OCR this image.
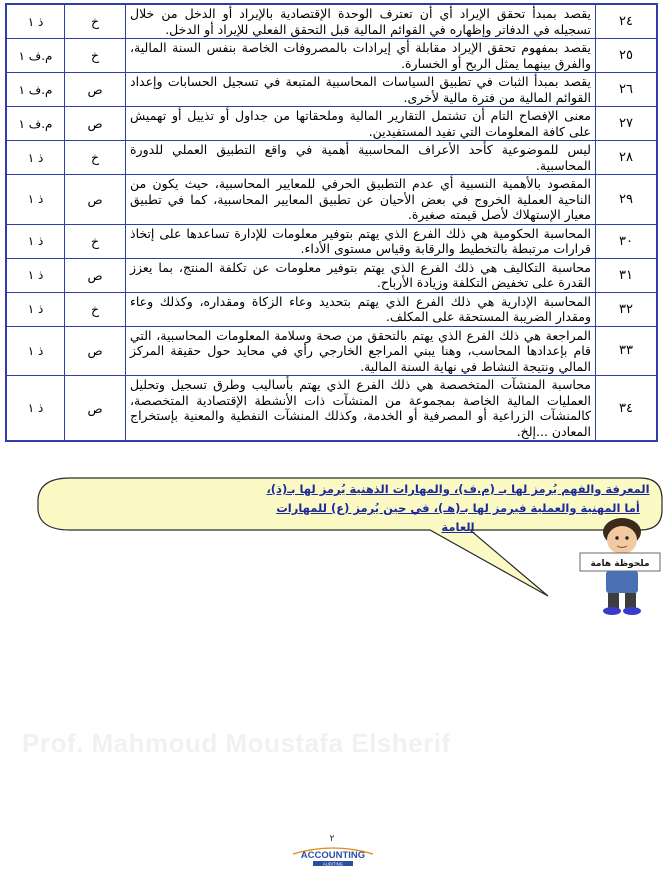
٢٤	يقصد بمبدأ تحقق الإيراد أي أن تعترف الوحدة الإقتصادية بالإيراد أو الدخل من خلال تسجيله في الدفاتر وإظهاره في القوائم المالية قبل التحقق الفعلي للإيراد أو الدخل.	خ	ذ ١
٢٥	يقصد بمفهوم تحقق الإيراد مقابلة أي إيرادات بالمصروفات الخاصة بنفس السنة المالية، والفرق بينهما يمثل الربح أو الخسارة.	خ	م.ف ١
٢٦	يقصد بمبدأ الثبات في تطبيق السياسات المحاسبية المتبعة في تسجيل الحسابات وإعداد القوائم المالية من فترة مالية لأخرى.	ص	م.ف ١
٢٧	معنى الإفصاح التام أن تشتمل التقارير المالية وملحقاتها من جداول أو تذييل أو تهميش على كافة المعلومات التي تفيد المستفيدين.	ص	م.ف ١
٢٨	ليس للموضوعية كأحد الأعراف المحاسبية أهمية في واقع التطبيق العملي للدورة المحاسبية.	خ	ذ ١
٢٩	المقصود بالأهمية النسبية أي عدم التطبيق الحرفي للمعايير المحاسبية، حيث يكون من الناحية العملية الخروج في بعض الأحيان عن تطبيق المعايير المحاسبية، كما في تطبيق معيار الإستهلاك لأصل قيمته صغيرة.	ص	ذ ١
٣٠	المحاسبة الحكومية هي ذلك الفرع الذي يهتم بتوفير معلومات للإدارة تساعدها على إتخاذ قرارات مرتبطة بالتخطيط والرقابة وقياس مستوى الأداء.	خ	ذ ١
٣١	محاسبة التكاليف هي ذلك الفرع الذي يهتم بتوفير معلومات عن تكلفة المنتج، بما يعزز القدرة على تخفيض التكلفة وزيادة الأرباح.	ص	ذ ١
٣٢	المحاسبة الإدارية هي ذلك الفرع الذي يهتم بتحديد وعاء الزكاة ومقداره، وكذلك وعاء ومقدار الضريبة المستحقة على المكلف.	خ	ذ ١
٣٣	المراجعة هي ذلك الفرع الذي يهتم بالتحقق من صحة وسلامة المعلومات المحاسبية، التي قام بإعدادها المحاسب، وهنا يبني المراجع الخارجي رأي في محايد حول حقيقة المركز المالي ونتيجة النشاط في نهاية السنة المالية.	ص	ذ ١
٣٤	محاسبة المنشآت المتخصصة هي ذلك الفرع الذي يهتم بأساليب وطرق تسجيل وتحليل العمليات المالية الخاصة بمجموعة من المنشآت ذات الأنشطة الإقتصادية المتخصصة، كالمنشآت الزراعية أو المصرفية أو الخدمة، وكذلك المنشآت النفطية والمعنية بإستخراج المعادن ...إلخ.	ص	ذ ١
المعرفة والفهم يُرمز لها بـ (م.ف)، والمهارات الذهنية يُرمز لها بـ(ذ)، أما المهنية والعملية فيرمز لها بـ(هـ)، في حين يُرمز (ع) للمهارات العامة
ملحوظة هامة
Prof. Mahmoud Moustafa Elsherif
٢
ACCOUNTING
AUDITING
